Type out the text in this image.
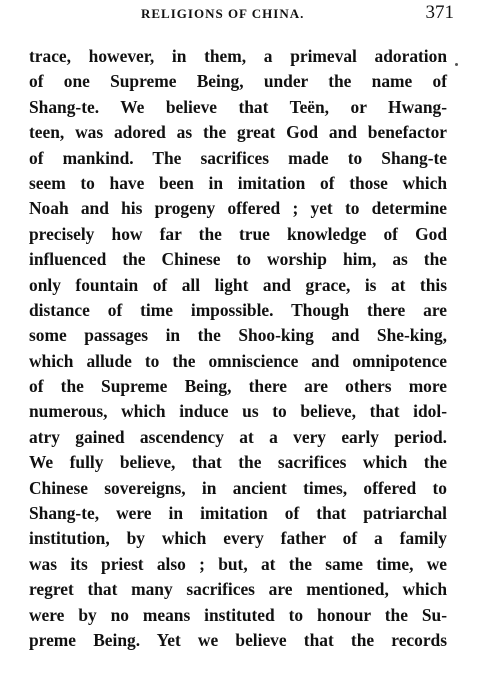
RELIGIONS OF CHINA.	371
trace, however, in them, a primeval adoration
of one Supreme Being, under the name of
Shang-te. We believe that Teën, or Hwang-
teen, was adored as the great God and benefactor
of mankind. The sacrifices made to Shang-te
seem to have been in imitation of those which
Noah and his progeny offered ; yet to determine
precisely how far the true knowledge of God
influenced the Chinese to worship him, as the
only fountain of all light and grace, is at this
distance of time impossible. Though there are
some passages in the Shoo-king and She-king,
which allude to the omniscience and omnipotence
of the Supreme Being, there are others more
numerous, which induce us to believe, that idol-
atry gained ascendency at a very early period.
We fully believe, that the sacrifices which the
Chinese sovereigns, in ancient times, offered to
Shang-te, were in imitation of that patriarchal
institution, by which every father of a family
was its priest also ; but, at the same time, we
regret that many sacrifices are mentioned, which
were by no means instituted to honour the Su-
preme Being. Yet we believe that the records
